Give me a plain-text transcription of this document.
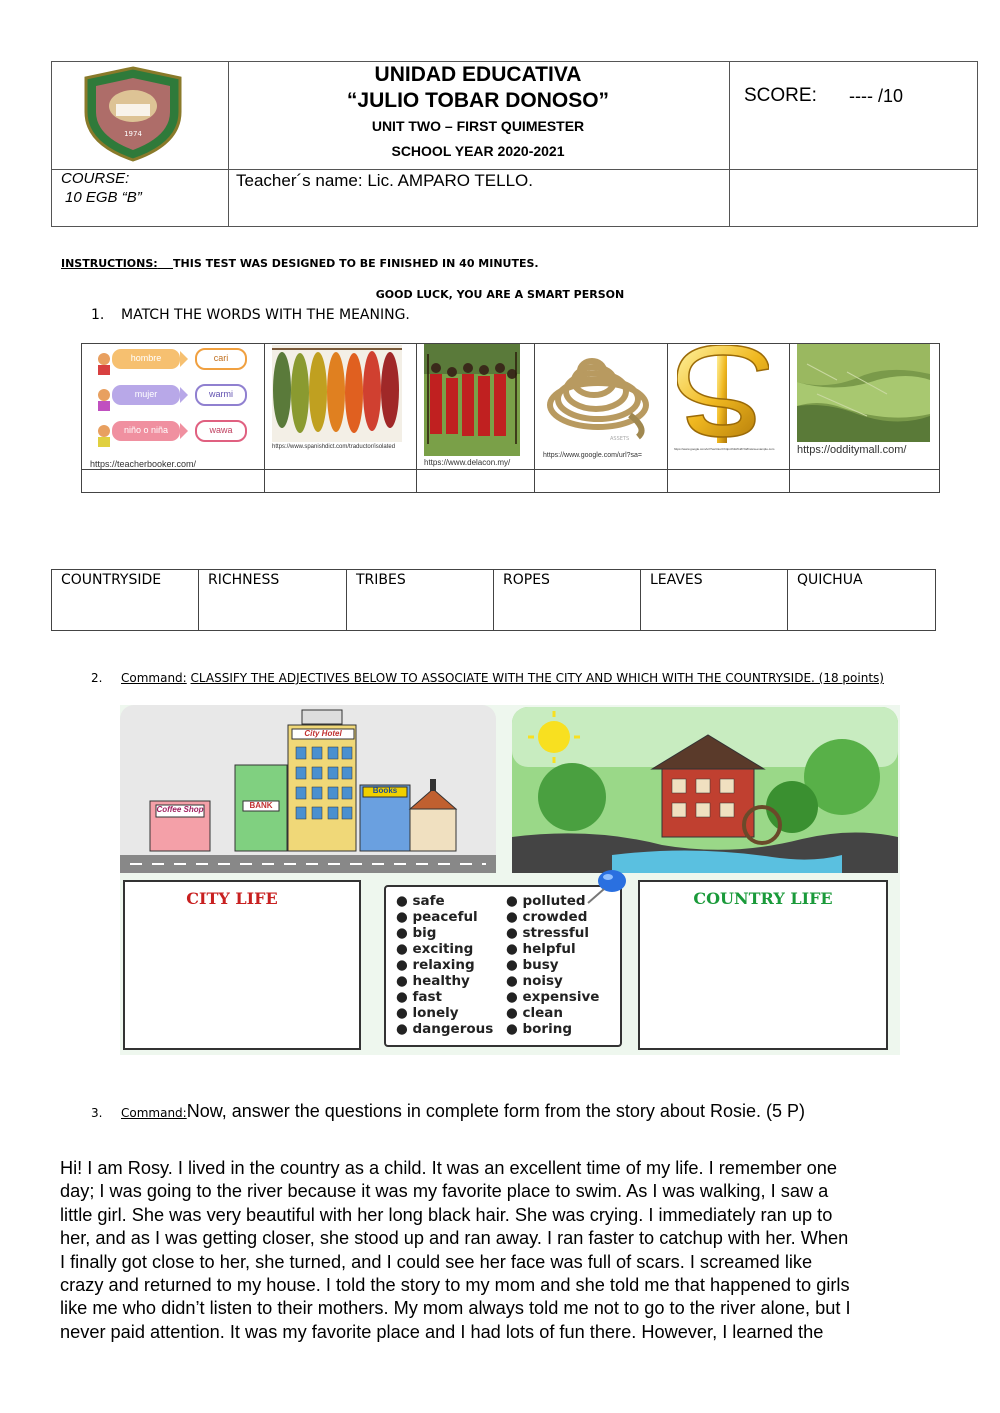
1974
UNIDAD EDUCATIVA
“JULIO TOBAR DONOSO”
UNIT TWO – FIRST QUIMESTER
SCHOOL YEAR 2020-2021
SCORE: ---- /10
COURSE:
10 EGB “B”
Teacher´s name: Lic. AMPARO TELLO.
INSTRUCTIONS: THIS TEST WAS DESIGNED TO BE FINISHED IN 40 MINUTES.
GOOD LUCK, YOU ARE A SMART PERSON
1. MATCH THE WORDS WITH THE MEANING.
hombre	cari
mujer	warmi
niño o niña	wawa
https://teacherbooker.com/
https://www.spanishdict.com/traductor/isolated
https://www.delacon.my/
ASSETS
https://www.google.com/url?sa=
https://www.google.com/url?sa=i&url=https%3A%2F%2Fwww.example.com https://odditymall.com/
COUNTRYSIDE	RICHNESS	TRIBES	ROPES	LEAVES	QUICHUA
2. Command: CLASSIFY THE ADJECTIVES BELOW TO ASSOCIATE WITH THE CITY AND WHICH WITH THE COUNTRYSIDE. (18 points)
City Hotel
BANK
Coffee Shop
Books
CITY LIFE	● safe
● peaceful
● big
● exciting
● relaxing
● healthy
● fast
● lonely
● dangerous
● polluted
● crowded
● stressful
● helpful
● busy
● noisy
● expensive
● clean
● boring
COUNTRY LIFE
3. Command:Now, answer the questions in complete form from the story about Rosie. (5 P)
Hi! I am Rosy. I lived in the country as a child. It was an excellent time of my life. I remember one
day; I was going to the river because it was my favorite place to swim. As I was walking, I saw a
little girl. She was very beautiful with her long black hair. She was crying. I immediately ran up to
her, and as I was getting closer, she stood up and ran away. I ran faster to catchup with her. When
I finally got close to her, she turned, and I could see her face was full of scars. I screamed like
crazy and returned to my house. I told the story to my mom and she told me that happened to girls
like me who didn’t listen to their mothers. My mom always told me not to go to the river alone, but I
never paid attention. It was my favorite place and I had lots of fun there. However, I learned the
